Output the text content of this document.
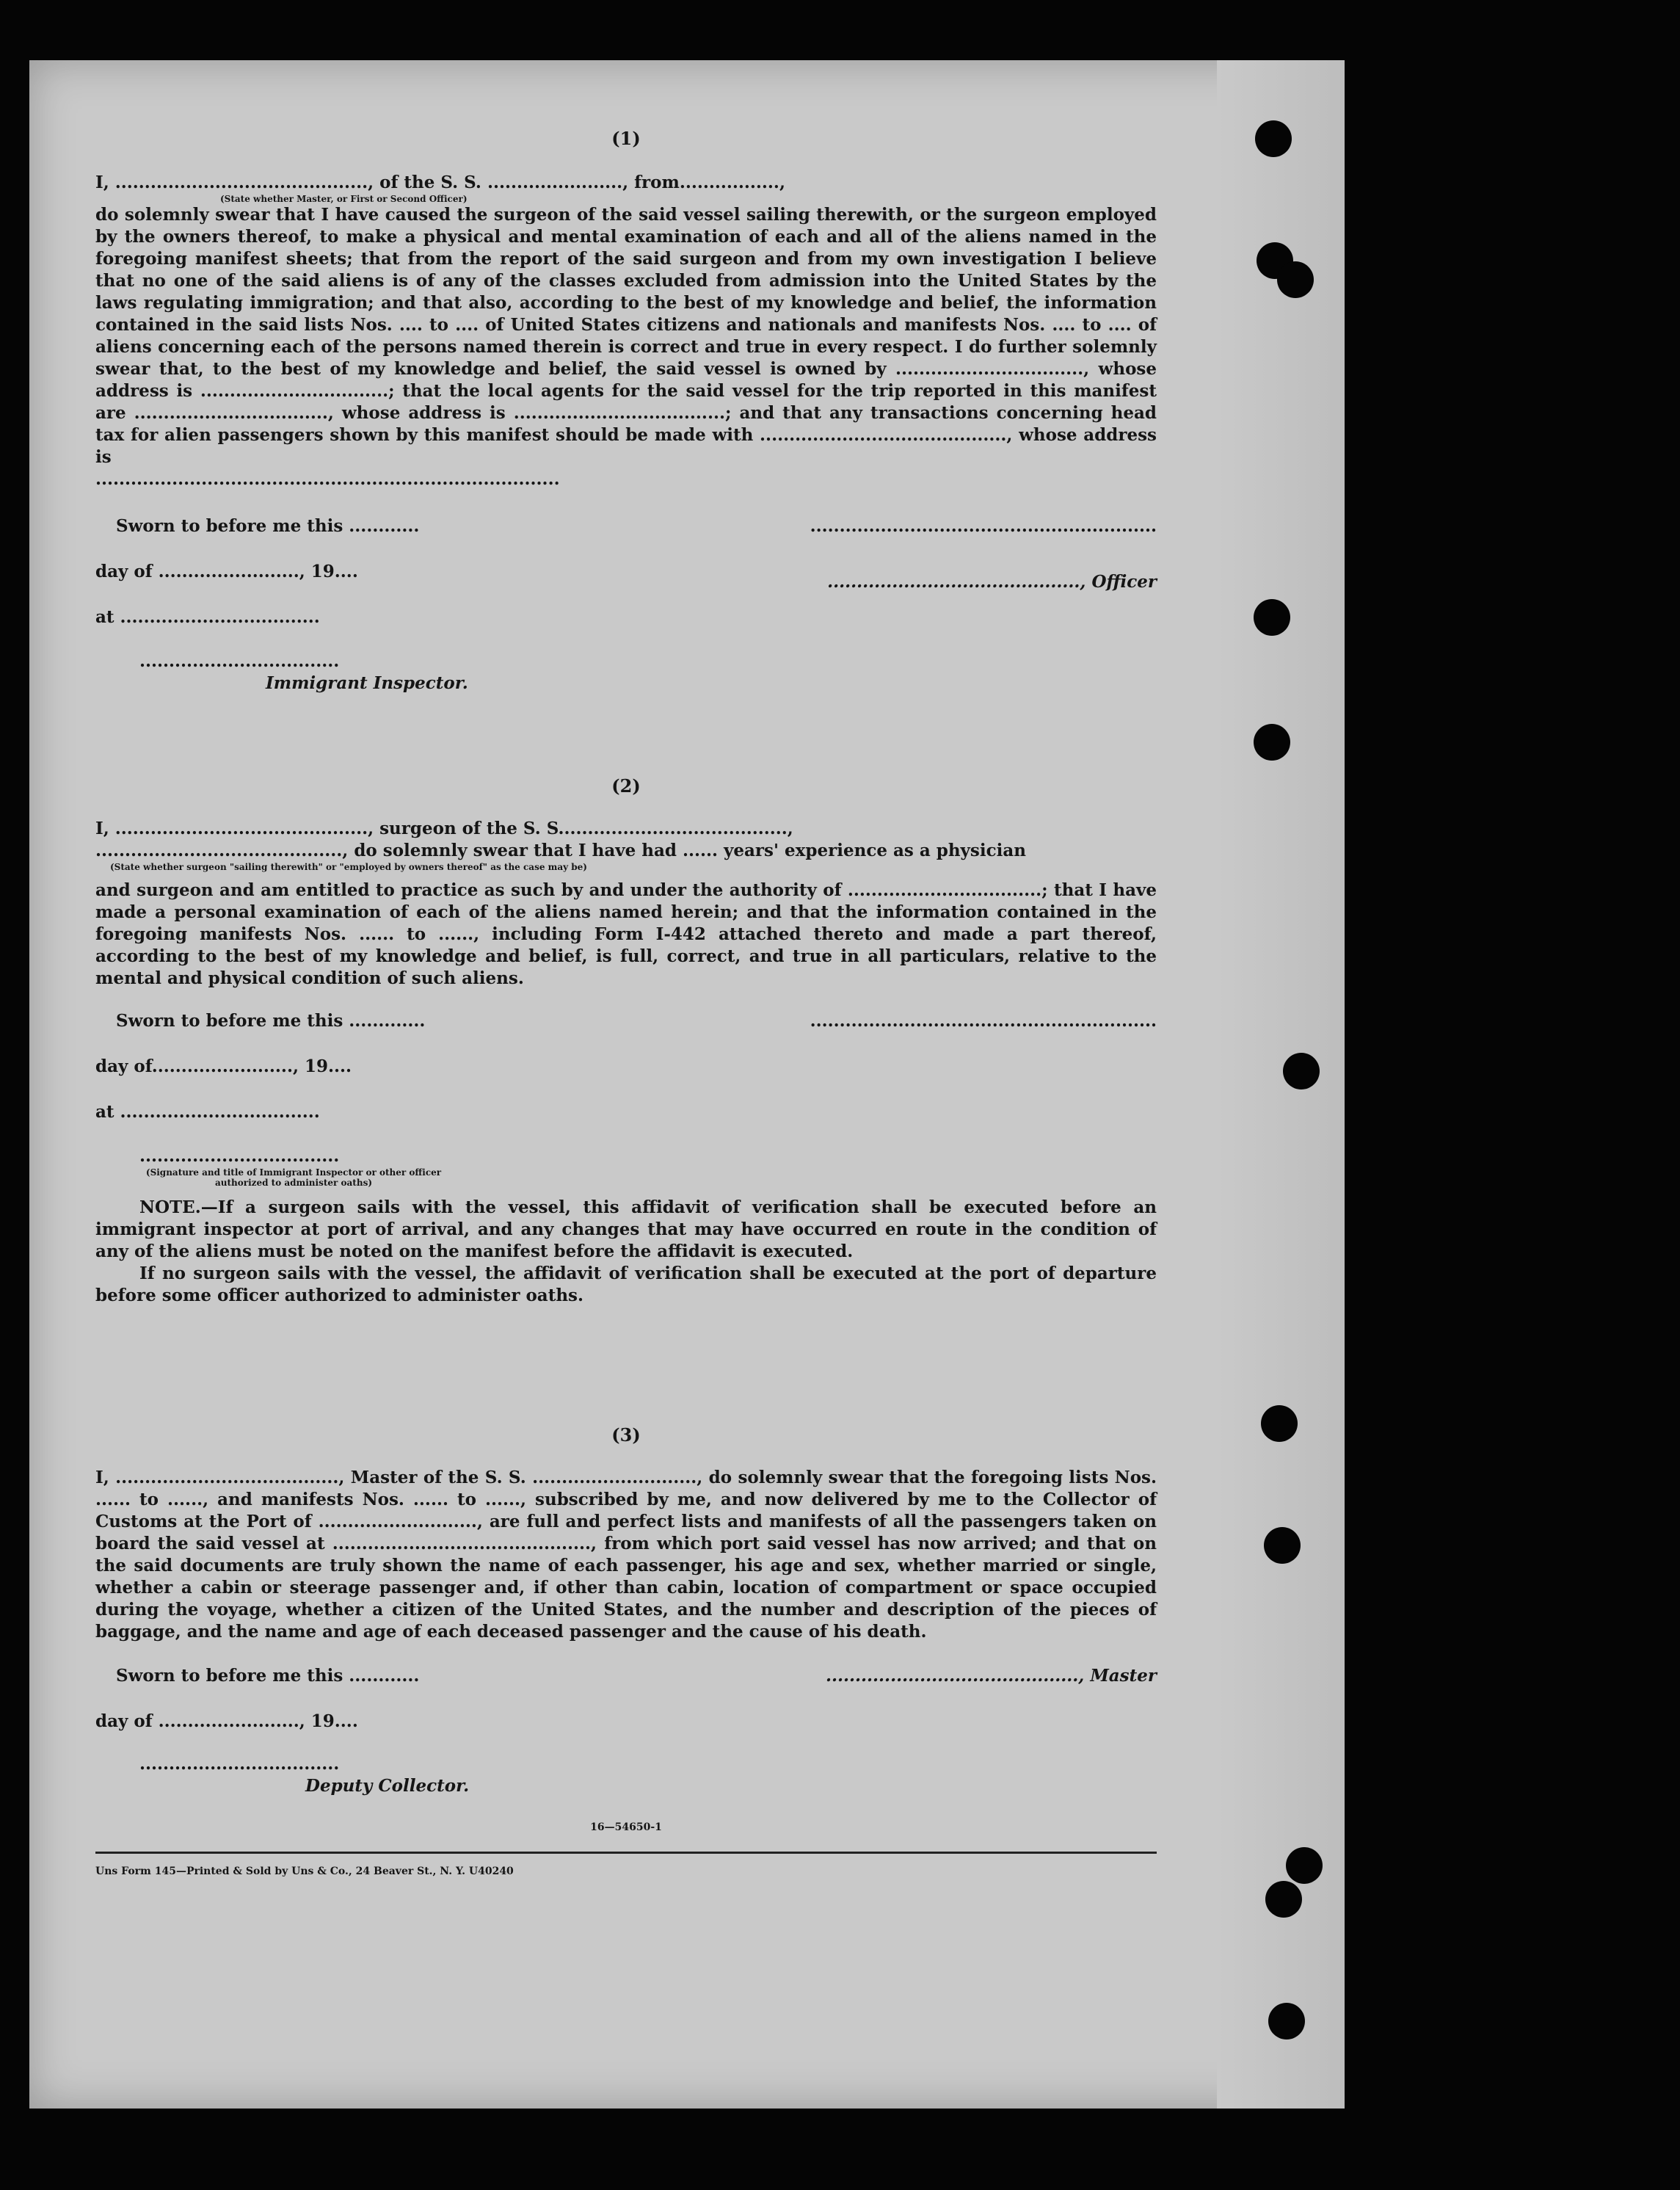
(1)
I, ..........................................., of the S. S. ......................., from.................,
(State whether Master, or First or Second Officer)
do solemnly swear that I have caused the surgeon of the said vessel sailing therewith, or the surgeon employed by the owners thereof, to make a physical and mental examination of each and all of the aliens named in the foregoing manifest sheets; that from the report of the said surgeon and from my own investigation I believe that no one of the said aliens is of any of the classes excluded from admission into the United States by the laws regulating immigration; and that also, according to the best of my knowledge and belief, the information contained in the said lists Nos. .... to .... of United States citizens and nationals and manifests Nos. .... to .... of aliens concerning each of the persons named therein is correct and true in every respect. I do further solemnly swear that, to the best of my knowledge and belief, the said vessel is owned by ................................, whose address is ................................; that the local agents for the said vessel for the trip reported in this manifest are ................................., whose address is ....................................; and that any transactions concerning head tax for alien passengers shown by this manifest should be made with .........................................., whose address is
...............................................................................
Sworn to before me this ............	...........................................................
day of ........................, 19....
..........................................., Officer
at ..................................
..................................
Immigrant Inspector.
(2)
I, ..........................................., surgeon of the S. S.......................................,
.........................................., do solemnly swear that I have had ...... years' experience as a physician
(State whether surgeon "sailing therewith" or "employed by owners thereof" as the case may be)
and surgeon and am entitled to practice as such by and under the authority of .................................; that I have made a personal examination of each of the aliens named herein; and that the information contained in the foregoing manifests Nos. ...... to ......, including Form I-442 attached thereto and made a part thereof, according to the best of my knowledge and belief, is full, correct, and true in all particulars, relative to the mental and physical condition of such aliens.
Sworn to before me this .............	...........................................................
day of........................, 19....
at ..................................
..................................
(Signature and title of Immigrant Inspector or other officer authorized to administer oaths)
NOTE.—If a surgeon sails with the vessel, this affidavit of verification shall be executed before an immigrant inspector at port of arrival, and any changes that may have occurred en route in the condition of any of the aliens must be noted on the manifest before the affidavit is executed.
If no surgeon sails with the vessel, the affidavit of verification shall be executed at the port of departure before some officer authorized to administer oaths.
(3)
I, ......................................, Master of the S. S. ............................, do solemnly swear that the foregoing lists Nos. ...... to ......, and manifests Nos. ...... to ......, subscribed by me, and now delivered by me to the Collector of Customs at the Port of ..........................., are full and perfect lists and manifests of all the passengers taken on board the said vessel at ............................................, from which port said vessel has now arrived; and that on the said documents are truly shown the name of each passenger, his age and sex, whether married or single, whether a cabin or steerage passenger and, if other than cabin, location of compartment or space occupied during the voyage, whether a citizen of the United States, and the number and description of the pieces of baggage, and the name and age of each deceased passenger and the cause of his death.
Sworn to before me this ............	..........................................., Master
day of ........................, 19....
..................................
Deputy Collector.
16—54650-1
Uns Form 145—Printed & Sold by Uns & Co., 24 Beaver St., N. Y. U40240
